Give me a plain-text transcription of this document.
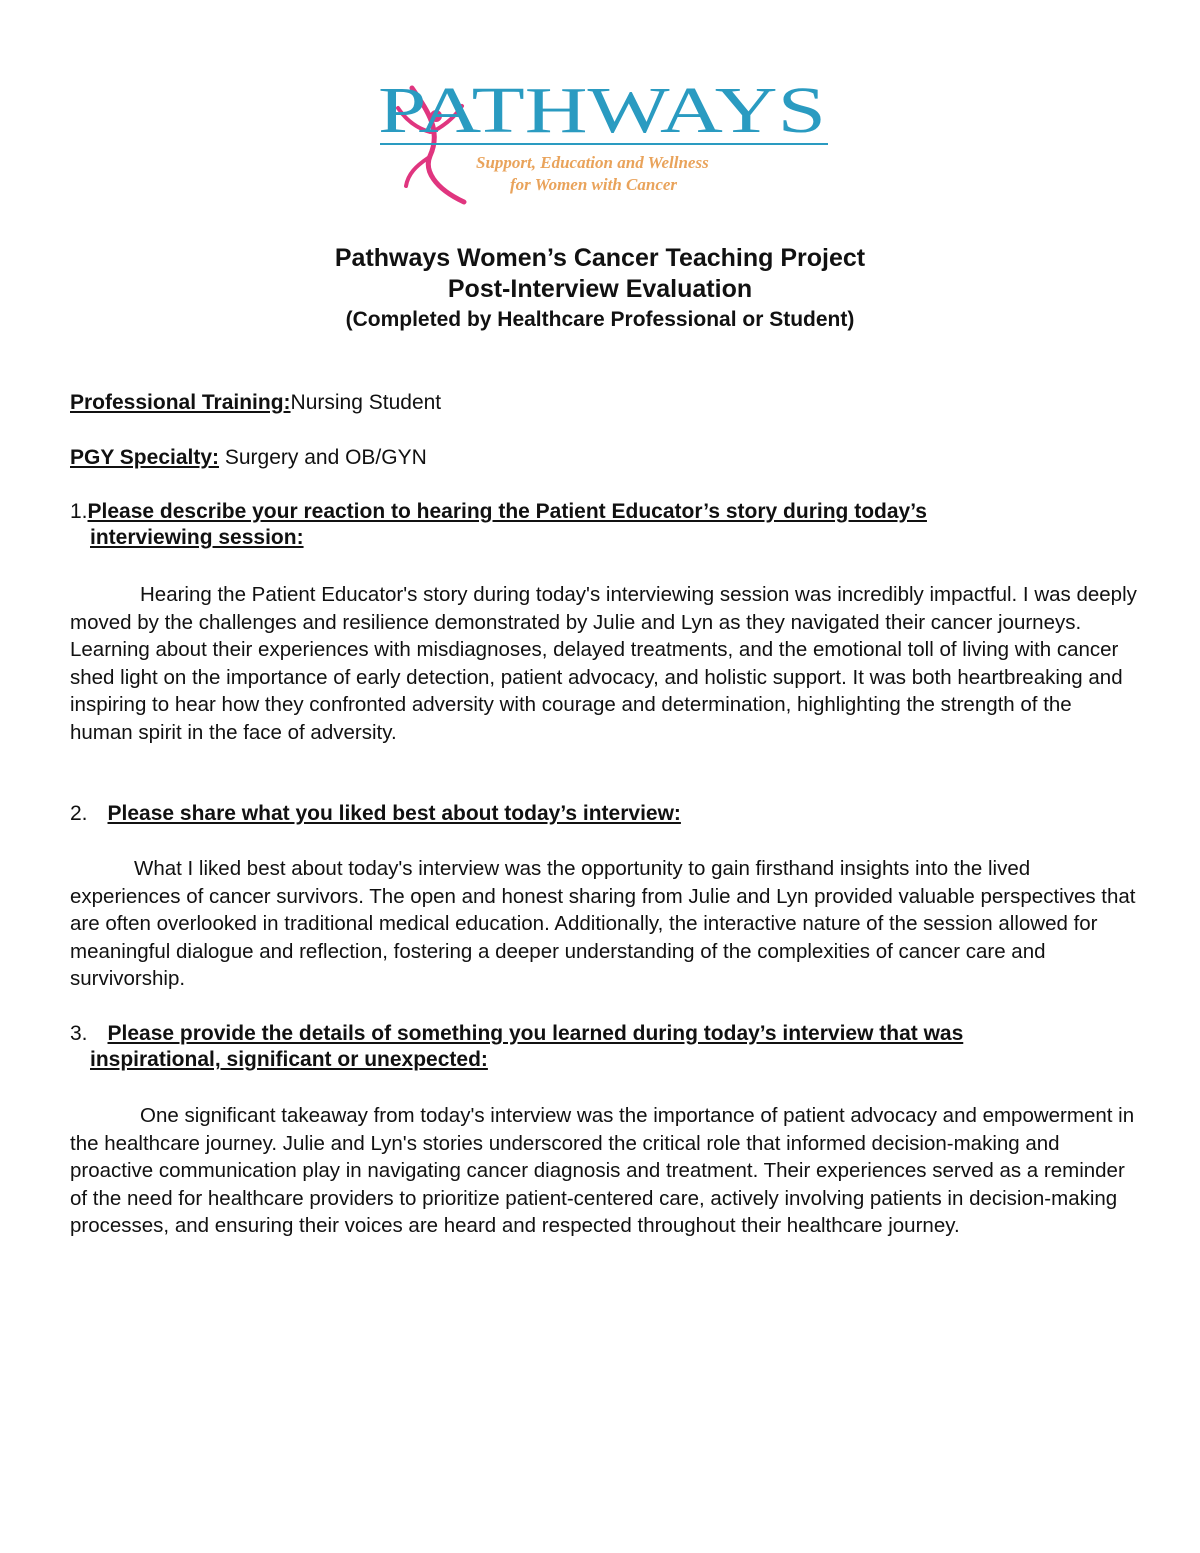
PATHWAYS
Support, Education and Wellness
for Women with Cancer
Pathways Women’s Cancer Teaching Project
Post-Interview Evaluation
(Completed by Healthcare Professional or Student)
Professional Training:Nursing Student
PGY Specialty: Surgery and OB/GYN
1.Please describe your reaction to hearing the Patient Educator’s story during today’s
interviewing session:
Hearing the Patient Educator's story during today's interviewing session was incredibly impactful. I was deeply moved by the challenges and resilience demonstrated by Julie and Lyn as they navigated their cancer journeys. Learning about their experiences with misdiagnoses, delayed treatments, and the emotional toll of living with cancer shed light on the importance of early detection, patient advocacy, and holistic support. It was both heartbreaking and inspiring to hear how they confronted adversity with courage and determination, highlighting the strength of the human spirit in the face of adversity.
2. Please share what you liked best about today’s interview:
What I liked best about today's interview was the opportunity to gain firsthand insights into the lived experiences of cancer survivors. The open and honest sharing from Julie and Lyn provided valuable perspectives that are often overlooked in traditional medical education. Additionally, the interactive nature of the session allowed for meaningful dialogue and reflection, fostering a deeper understanding of the complexities of cancer care and survivorship.
3. Please provide the details of something you learned during today’s interview that was
inspirational, significant or unexpected:
One significant takeaway from today's interview was the importance of patient advocacy and empowerment in the healthcare journey. Julie and Lyn's stories underscored the critical role that informed decision-making and proactive communication play in navigating cancer diagnosis and treatment. Their experiences served as a reminder of the need for healthcare providers to prioritize patient-centered care, actively involving patients in decision-making processes, and ensuring their voices are heard and respected throughout their healthcare journey.
